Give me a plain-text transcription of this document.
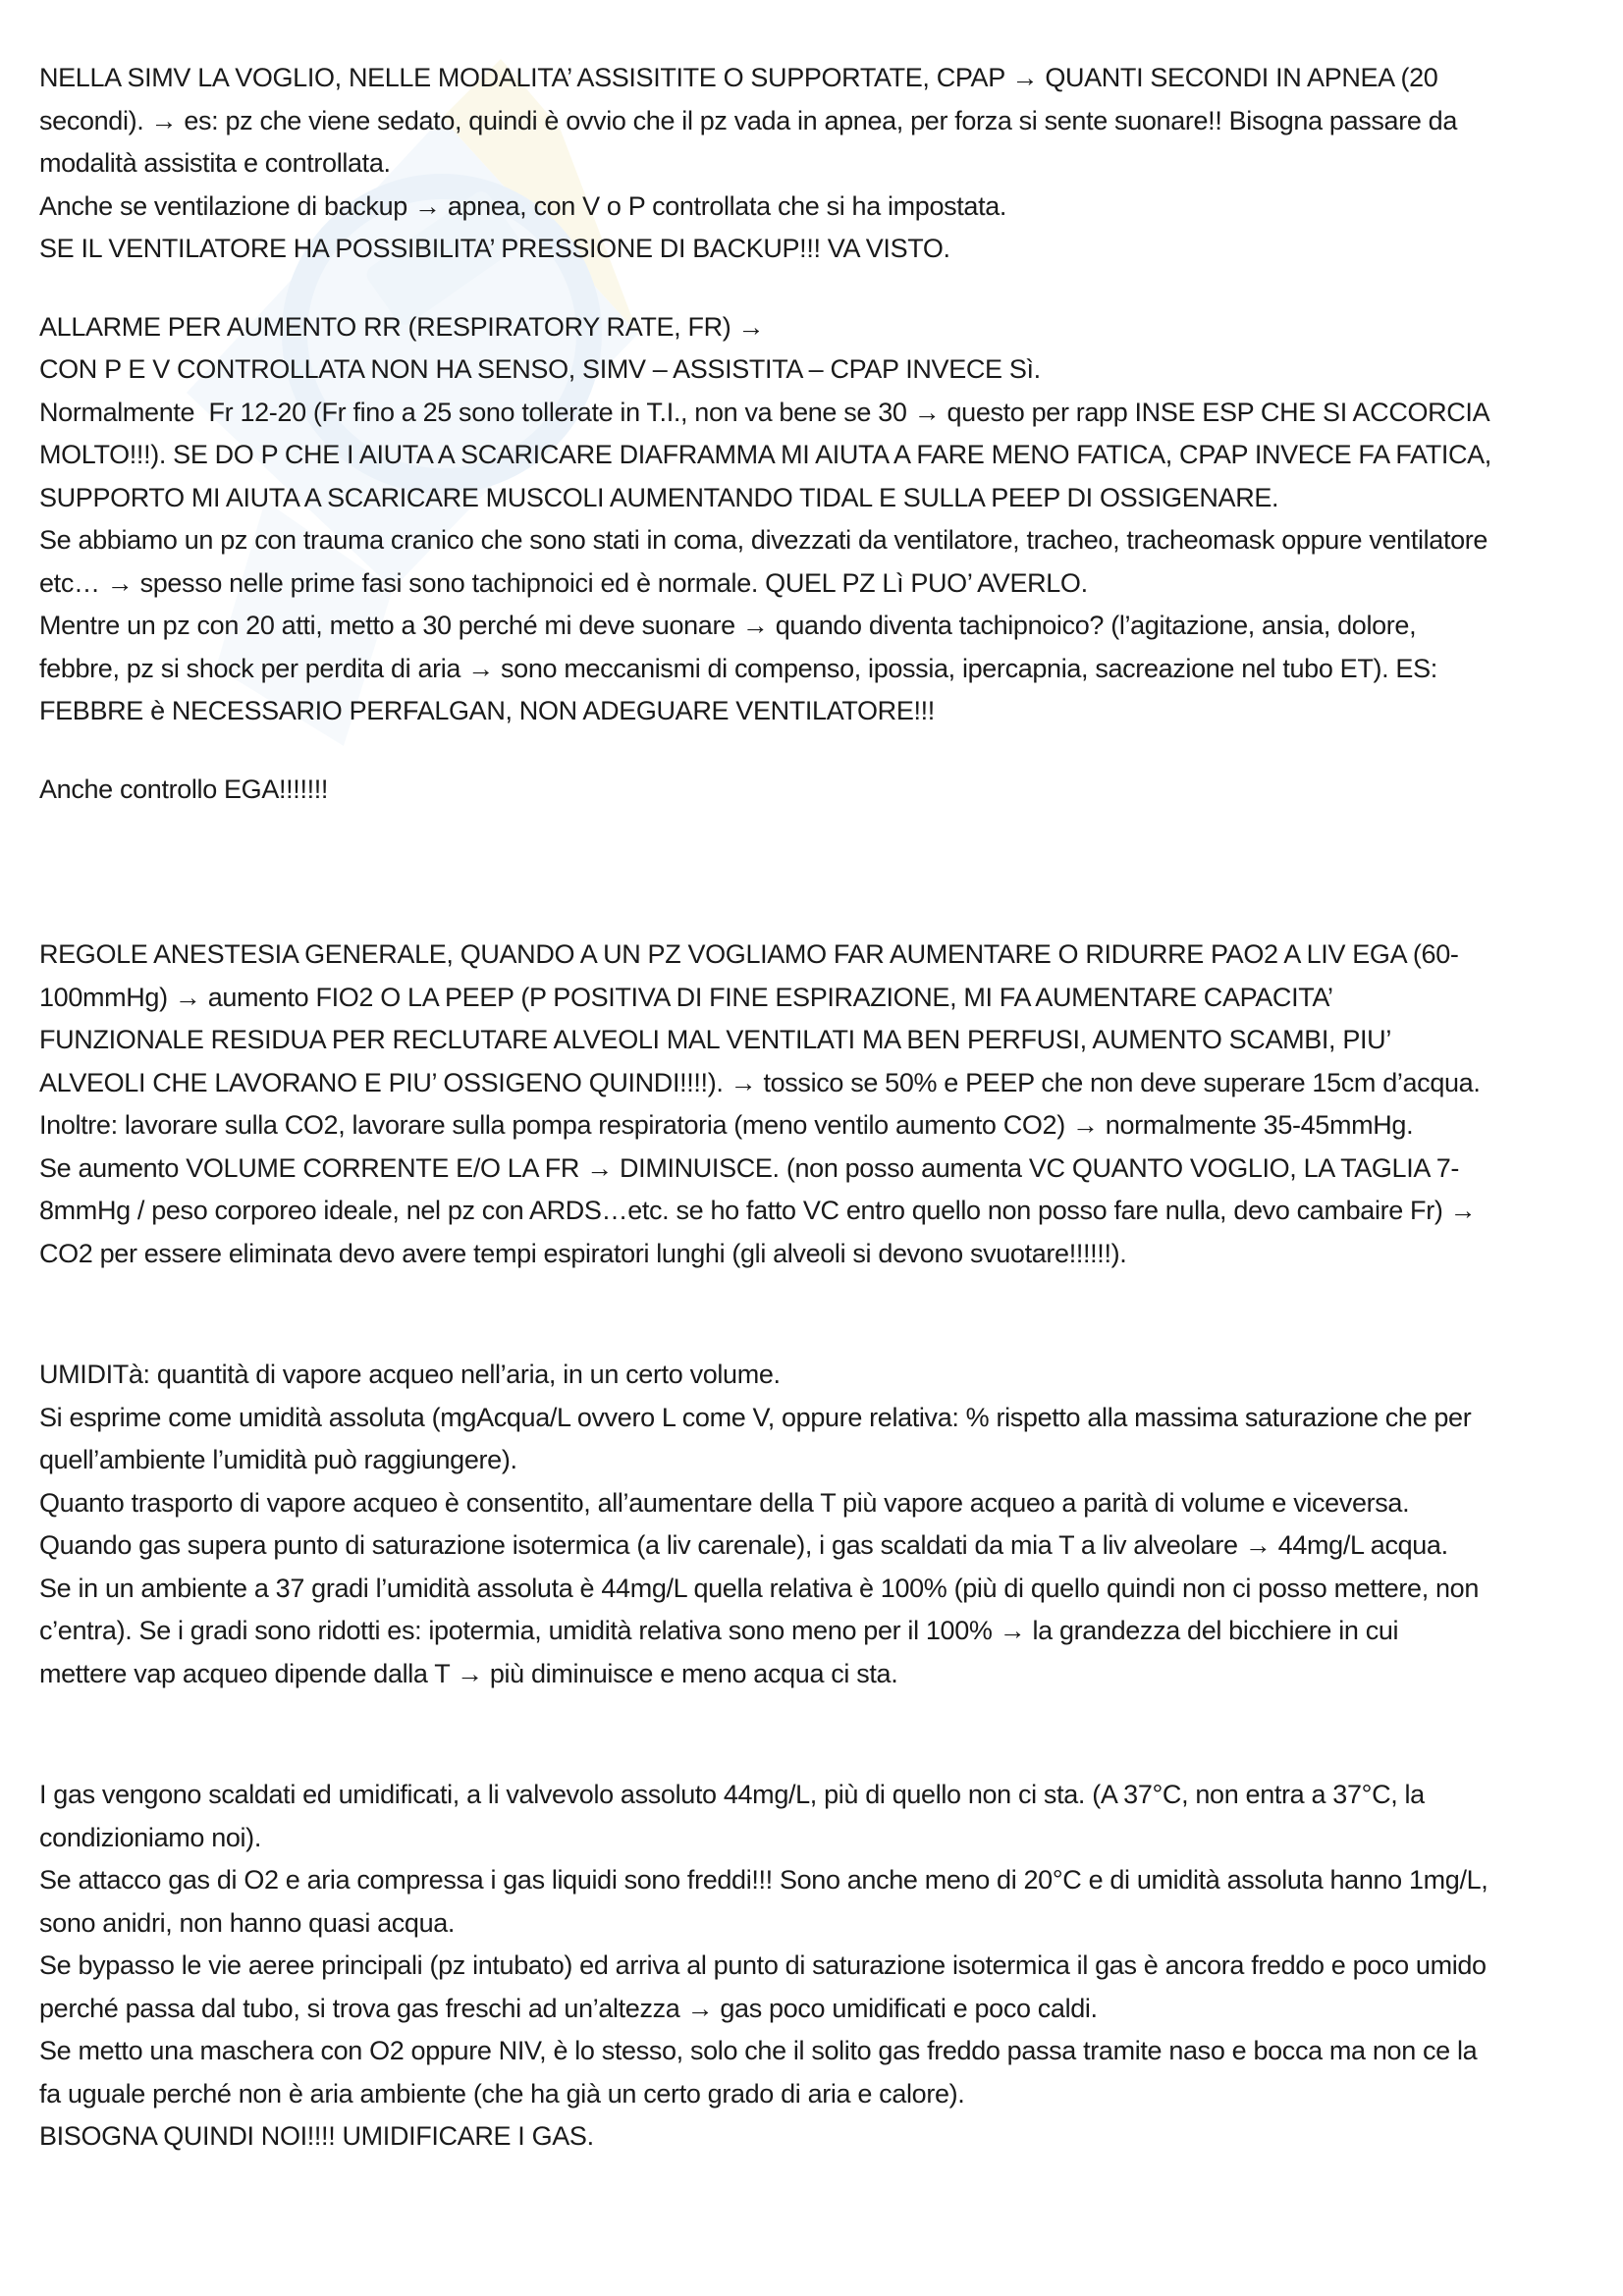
NELLA SIMV LA VOGLIO, NELLE MODALITA’ ASSISITITE O SUPPORTATE, CPAP → QUANTI SECONDI IN APNEA (20 secondi). → es: pz che viene sedato, quindi è ovvio che il pz vada in apnea, per forza si sente suonare!! Bisogna passare da modalità assistita e controllata.

Anche se ventilazione di backup → apnea, con V o P controllata che si ha impostata.

SE IL VENTILATORE HA POSSIBILITA’ PRESSIONE DI BACKUP!!! VA VISTO.

ALLARME PER AUMENTO RR (RESPIRATORY RATE, FR) →

CON P E V CONTROLLATA NON HA SENSO, SIMV – ASSISTITA – CPAP INVECE Sì.

Normalmente  Fr 12-20 (Fr fino a 25 sono tollerate in T.I., non va bene se 30 → questo per rapp INSE ESP CHE SI ACCORCIA MOLTO!!!). SE DO P CHE I AIUTA A SCARICARE DIAFRAMMA MI AIUTA A FARE MENO FATICA, CPAP INVECE FA FATICA, SUPPORTO MI AIUTA A SCARICARE MUSCOLI AUMENTANDO TIDAL E SULLA PEEP DI OSSIGENARE.

Se abbiamo un pz con trauma cranico che sono stati in coma, divezzati da ventilatore, tracheo, tracheomask oppure ventilatore etc… → spesso nelle prime fasi sono tachipnoici ed è normale. QUEL PZ Lì PUO’ AVERLO.

Mentre un pz con 20 atti, metto a 30 perché mi deve suonare → quando diventa tachipnoico? (l’agitazione, ansia, dolore, febbre, pz si shock per perdita di aria → sono meccanismi di compenso, ipossia, ipercapnia, sacreazione nel tubo ET). ES: FEBBRE è NECESSARIO PERFALGAN, NON ADEGUARE VENTILATORE!!!

Anche controllo EGA!!!!!!!

REGOLE ANESTESIA GENERALE, QUANDO A UN PZ VOGLIAMO FAR AUMENTARE O RIDURRE PAO2 A LIV EGA (60-100mmHg) → aumento FIO2 O LA PEEP (P POSITIVA DI FINE ESPIRAZIONE, MI FA AUMENTARE CAPACITA’ FUNZIONALE RESIDUA PER RECLUTARE ALVEOLI MAL VENTILATI MA BEN PERFUSI, AUMENTO SCAMBI, PIU’ ALVEOLI CHE LAVORANO E PIU’ OSSIGENO QUINDI!!!!). → tossico se 50% e PEEP che non deve superare 15cm d’acqua.

Inoltre: lavorare sulla CO2, lavorare sulla pompa respiratoria (meno ventilo aumento CO2) → normalmente 35-45mmHg.

Se aumento VOLUME CORRENTE E/O LA FR → DIMINUISCE. (non posso aumenta VC QUANTO VOGLIO, LA TAGLIA 7-8mmHg / peso corporeo ideale, nel pz con ARDS…etc. se ho fatto VC entro quello non posso fare nulla, devo cambaire Fr) → CO2 per essere eliminata devo avere tempi espiratori lunghi (gli alveoli si devono svuotare!!!!!!).

UMIDITà: quantità di vapore acqueo nell’aria, in un certo volume.

Si esprime come umidità assoluta (mgAcqua/L ovvero L come V, oppure relativa: % rispetto alla massima saturazione che per quell’ambiente l’umidità può raggiungere).

Quanto trasporto di vapore acqueo è consentito, all’aumentare della T più vapore acqueo a parità di volume e viceversa.

Quando gas supera punto di saturazione isotermica (a liv carenale), i gas scaldati da mia T a liv alveolare → 44mg/L acqua.

Se in un ambiente a 37 gradi l’umidità assoluta è 44mg/L quella relativa è 100% (più di quello quindi non ci posso mettere, non c’entra). Se i gradi sono ridotti es: ipotermia, umidità relativa sono meno per il 100% → la grandezza del bicchiere in cui mettere vap acqueo dipende dalla T → più diminuisce e meno acqua ci sta.

I gas vengono scaldati ed umidificati, a li valvevolo assoluto 44mg/L, più di quello non ci sta. (A 37°C, non entra a 37°C, la condizioniamo noi).

Se attacco gas di O2 e aria compressa i gas liquidi sono freddi!!! Sono anche meno di 20°C e di umidità assoluta hanno 1mg/L, sono anidri, non hanno quasi acqua.

Se bypasso le vie aeree principali (pz intubato) ed arriva al punto di saturazione isotermica il gas è ancora freddo e poco umido perché passa dal tubo, si trova gas freschi ad un’altezza → gas poco umidificati e poco caldi.

Se metto una maschera con O2 oppure NIV, è lo stesso, solo che il solito gas freddo passa tramite naso e bocca ma non ce la fa uguale perché non è aria ambiente (che ha già un certo grado di aria e calore).

BISOGNA QUINDI NOI!!!! UMIDIFICARE I GAS.
